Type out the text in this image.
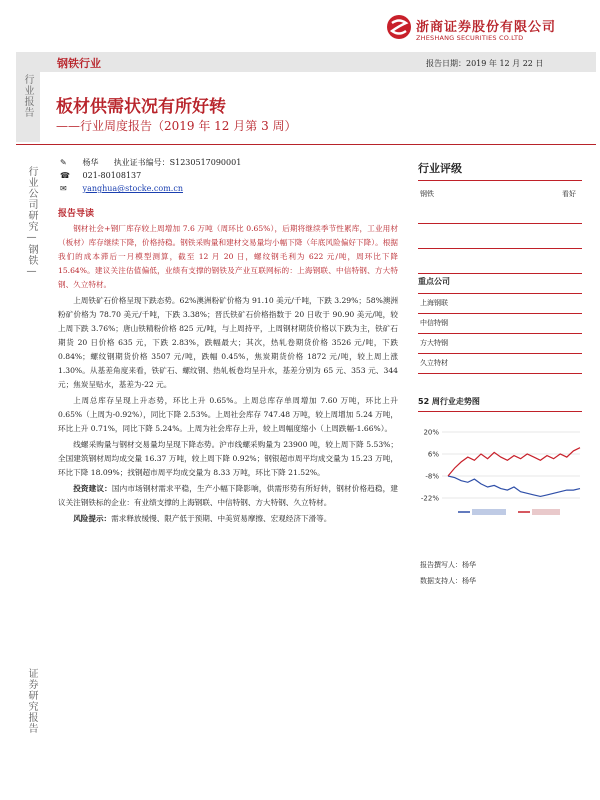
浙商证券股份有限公司
ZHESHANG SECURITIES CO.LTD
钢铁行业	报告日期：2019 年 12 月 22 日
行业报告 板材供需状况有所好转
——行业周度报告（2019 年 12 月第 3 周）
行业公司研究—钢铁—
证券研究报告
✎ 杨华 执业证书编号：S1230517090001
☎ 021-80108137
✉ yanghua@stocke.com.cn
行业评级
钢铁	看好
重点公司
上海钢联
中信特钢
方大特钢
久立特材
52 周行业走势图
20%
6%
-8%
-22%
报告撰写人：杨华
数据支持人：杨华
报告导读

钢材社会+钢厂库存较上周增加 7.6 万吨（周环比 0.65%），后期将继续季节性累库，工业用材（板材）库存继续下降，价格持稳。钢铁采购量和建材交易量均小幅下降（年底风险偏好下降）。根据我们的成本滞后一月模型测算，截至 12 月 20 日，螺纹钢毛利为 622 元/吨，周环比下降 15.64%。建议关注估值偏低，业绩有支撑的钢铁及产业互联网标的：上海钢联、中信特钢、方大特钢、久立特材。

上周铁矿石价格呈现下跌态势。62%澳洲粉矿价格为 91.10 美元/千吨，下跌 3.29%；58%澳洲粉矿价格为 78.70 美元/千吨，下跌 3.38%；晋氏铁矿石价格指数于 20 日收于 90.90 美元/吨，较上周下跌 3.76%；唐山铁精粉价格 825 元/吨，与上周持平，上周钢材期货价格以下跌为主，铁矿石期货 20 日价格 635 元，下跌 2.83%，跌幅最大；其次，热轧卷期货价格 3526 元/吨，下跌 0.84%；螺纹钢期货价格 3507 元/吨，跌幅 0.45%，焦炭期货价格 1872 元/吨，较上周上涨 1.30%。从基差角度来看，铁矿石、螺纹钢、热轧板卷均呈升水，基差分别为 65 元、353 元、344 元；焦炭呈贴水，基差为-22 元。

上周总库存呈现上升态势，环比上升 0.65%。上周总库存单周增加 7.60 万吨，环比上升 0.65%（上周为-0.92%），同比下降 2.53%。上周社会库存 747.48 万吨，较上周增加 5.24 万吨，环比上升 0.71%，同比下降 5.24%。上周为社会库存上升，较上周幅度缩小（上周跌幅-1.66%）。

线螺采购量与钢材交易量均呈现下降态势。沪市线螺采购量为 23900 吨，较上周下降 5.53%；全国建筑钢材周均成交量 16.37 万吨，较上周下降 0.92%；钢银超市周平均成交量为 15.23 万吨，环比下降 18.09%；找钢超市周平均成交量为 8.33 万吨，环比下降 21.52%。

投资建议：国内市场钢材需求平稳，生产小幅下降影响，供需形势有所好转，钢材价格趋稳，建议关注钢铁标的企业：有业绩支撑的上海钢联、中信特钢、方大特钢、久立特材。

风险提示：需求释放缓慢、限产低于预期、中美贸易摩擦、宏观经济下滑等。
